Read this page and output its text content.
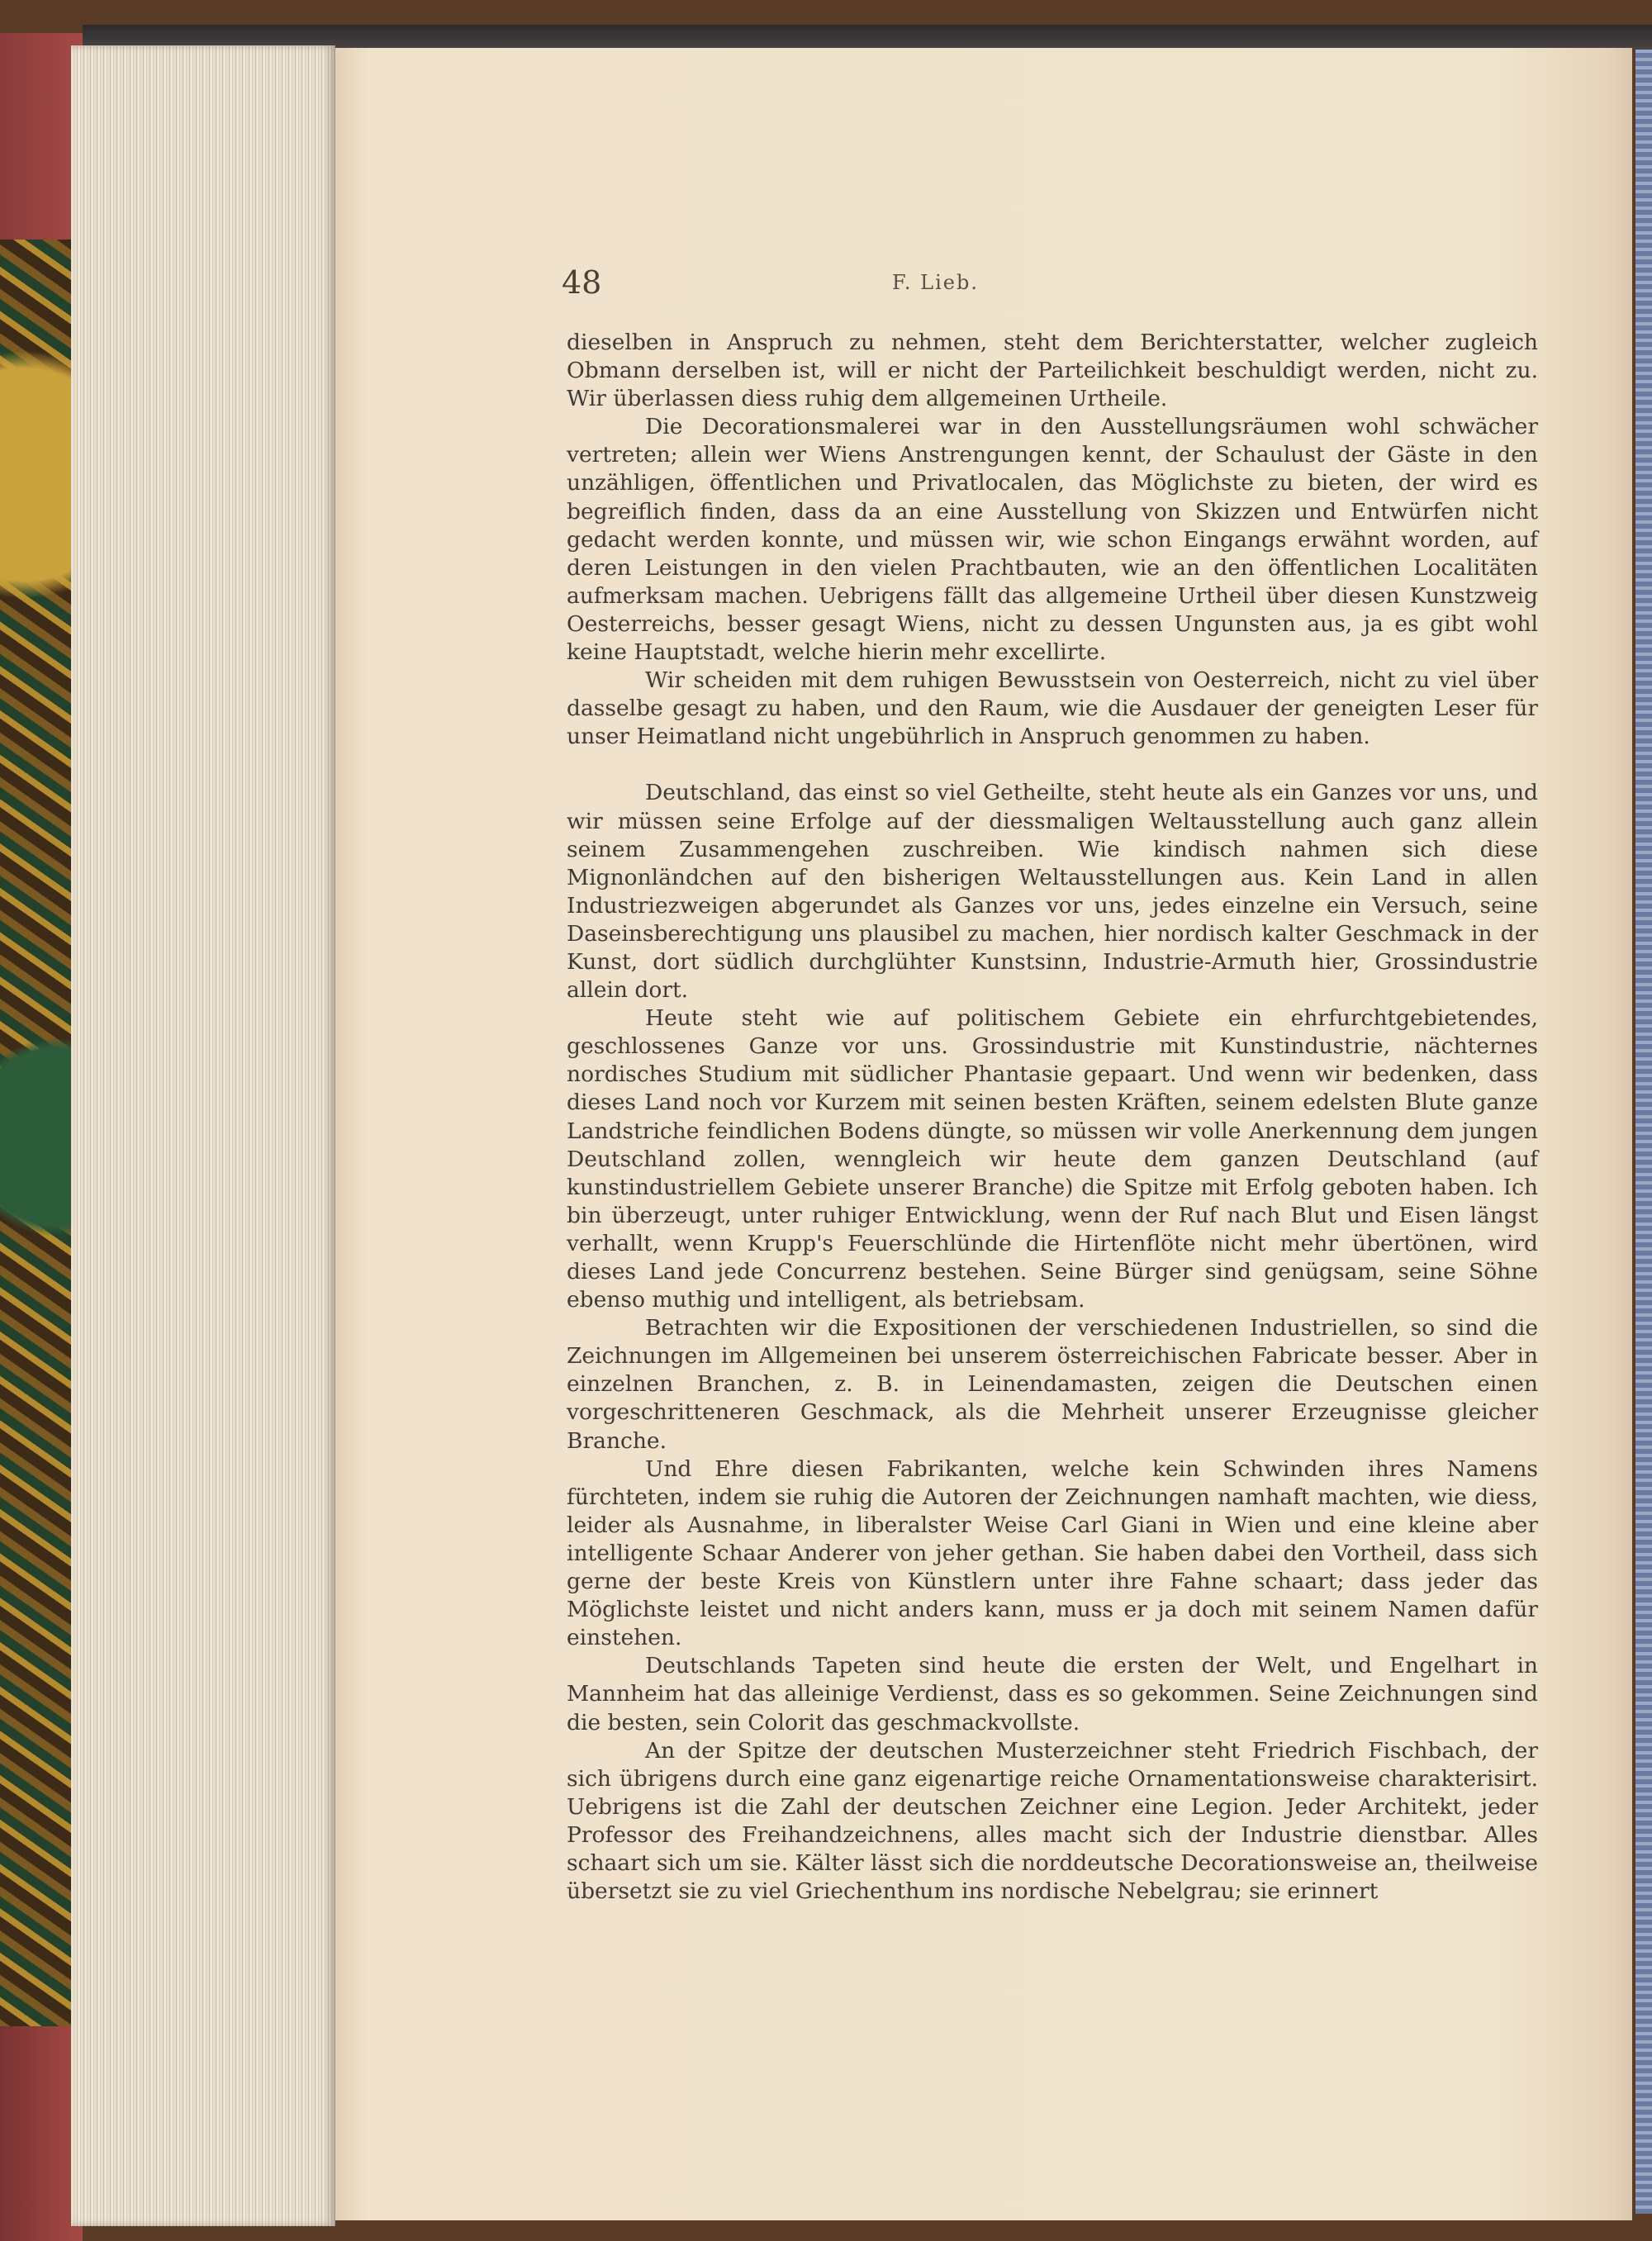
48	F. Lieb.

dieselben in Anspruch zu nehmen, steht dem Berichterstatter, welcher zugleich Obmann derselben ist, will er nicht der Parteilichkeit beschuldigt werden, nicht zu. Wir überlassen diess ruhig dem allgemeinen Urtheile.

Die Decorationsmalerei war in den Ausstellungsräumen wohl schwächer vertreten; allein wer Wiens Anstrengungen kennt, der Schaulust der Gäste in den unzähligen, öffentlichen und Privatlocalen, das Möglichste zu bieten, der wird es begreiflich finden, dass da an eine Ausstellung von Skizzen und Entwürfen nicht gedacht werden konnte, und müssen wir, wie schon Eingangs erwähnt worden, auf deren Leistungen in den vielen Prachtbauten, wie an den öffentlichen Localitäten aufmerksam machen. Uebrigens fällt das allgemeine Urtheil über diesen Kunstzweig Oesterreichs, besser gesagt Wiens, nicht zu dessen Ungunsten aus, ja es gibt wohl keine Hauptstadt, welche hierin mehr excellirte.

Wir scheiden mit dem ruhigen Bewusstsein von Oesterreich, nicht zu viel über dasselbe gesagt zu haben, und den Raum, wie die Ausdauer der geneigten Leser für unser Heimatland nicht ungebührlich in Anspruch genommen zu haben.

Deutschland, das einst so viel Getheilte, steht heute als ein Ganzes vor uns, und wir müssen seine Erfolge auf der diessmaligen Weltausstellung auch ganz allein seinem Zusammengehen zuschreiben. Wie kindisch nahmen sich diese Mignonländchen auf den bisherigen Weltausstellungen aus. Kein Land in allen Industriezweigen abgerundet als Ganzes vor uns, jedes einzelne ein Versuch, seine Daseinsberechtigung uns plausibel zu machen, hier nordisch kalter Geschmack in der Kunst, dort südlich durchglühter Kunstsinn, Industrie-Armuth hier, Grossindustrie allein dort.

Heute steht wie auf politischem Gebiete ein ehrfurchtgebietendes, geschlossenes Ganze vor uns. Grossindustrie mit Kunstindustrie, nächternes nordisches Studium mit südlicher Phantasie gepaart. Und wenn wir bedenken, dass dieses Land noch vor Kurzem mit seinen besten Kräften, seinem edelsten Blute ganze Landstriche feindlichen Bodens düngte, so müssen wir volle Anerkennung dem jungen Deutschland zollen, wenngleich wir heute dem ganzen Deutschland (auf kunstindustriellem Gebiete unserer Branche) die Spitze mit Erfolg geboten haben. Ich bin überzeugt, unter ruhiger Entwicklung, wenn der Ruf nach Blut und Eisen längst verhallt, wenn Krupp's Feuerschlünde die Hirtenflöte nicht mehr übertönen, wird dieses Land jede Concurrenz bestehen. Seine Bürger sind genügsam, seine Söhne ebenso muthig und intelligent, als betriebsam.

Betrachten wir die Expositionen der verschiedenen Industriellen, so sind die Zeichnungen im Allgemeinen bei unserem österreichischen Fabricate besser. Aber in einzelnen Branchen, z. B. in Leinendamasten, zeigen die Deutschen einen vorgeschritteneren Geschmack, als die Mehrheit unserer Erzeugnisse gleicher Branche.

Und Ehre diesen Fabrikanten, welche kein Schwinden ihres Namens fürchteten, indem sie ruhig die Autoren der Zeichnungen namhaft machten, wie diess, leider als Ausnahme, in liberalster Weise Carl Giani in Wien und eine kleine aber intelligente Schaar Anderer von jeher gethan. Sie haben dabei den Vortheil, dass sich gerne der beste Kreis von Künstlern unter ihre Fahne schaart; dass jeder das Möglichste leistet und nicht anders kann, muss er ja doch mit seinem Namen dafür einstehen.

Deutschlands Tapeten sind heute die ersten der Welt, und Engelhart in Mannheim hat das alleinige Verdienst, dass es so gekommen. Seine Zeichnungen sind die besten, sein Colorit das geschmackvollste.

An der Spitze der deutschen Musterzeichner steht Friedrich Fischbach, der sich übrigens durch eine ganz eigenartige reiche Ornamentationsweise charakterisirt. Uebrigens ist die Zahl der deutschen Zeichner eine Legion. Jeder Architekt, jeder Professor des Freihandzeichnens, alles macht sich der Industrie dienstbar. Alles schaart sich um sie. Kälter lässt sich die norddeutsche Decorationsweise an, theilweise übersetzt sie zu viel Griechenthum ins nordische Nebelgrau; sie erinnert
